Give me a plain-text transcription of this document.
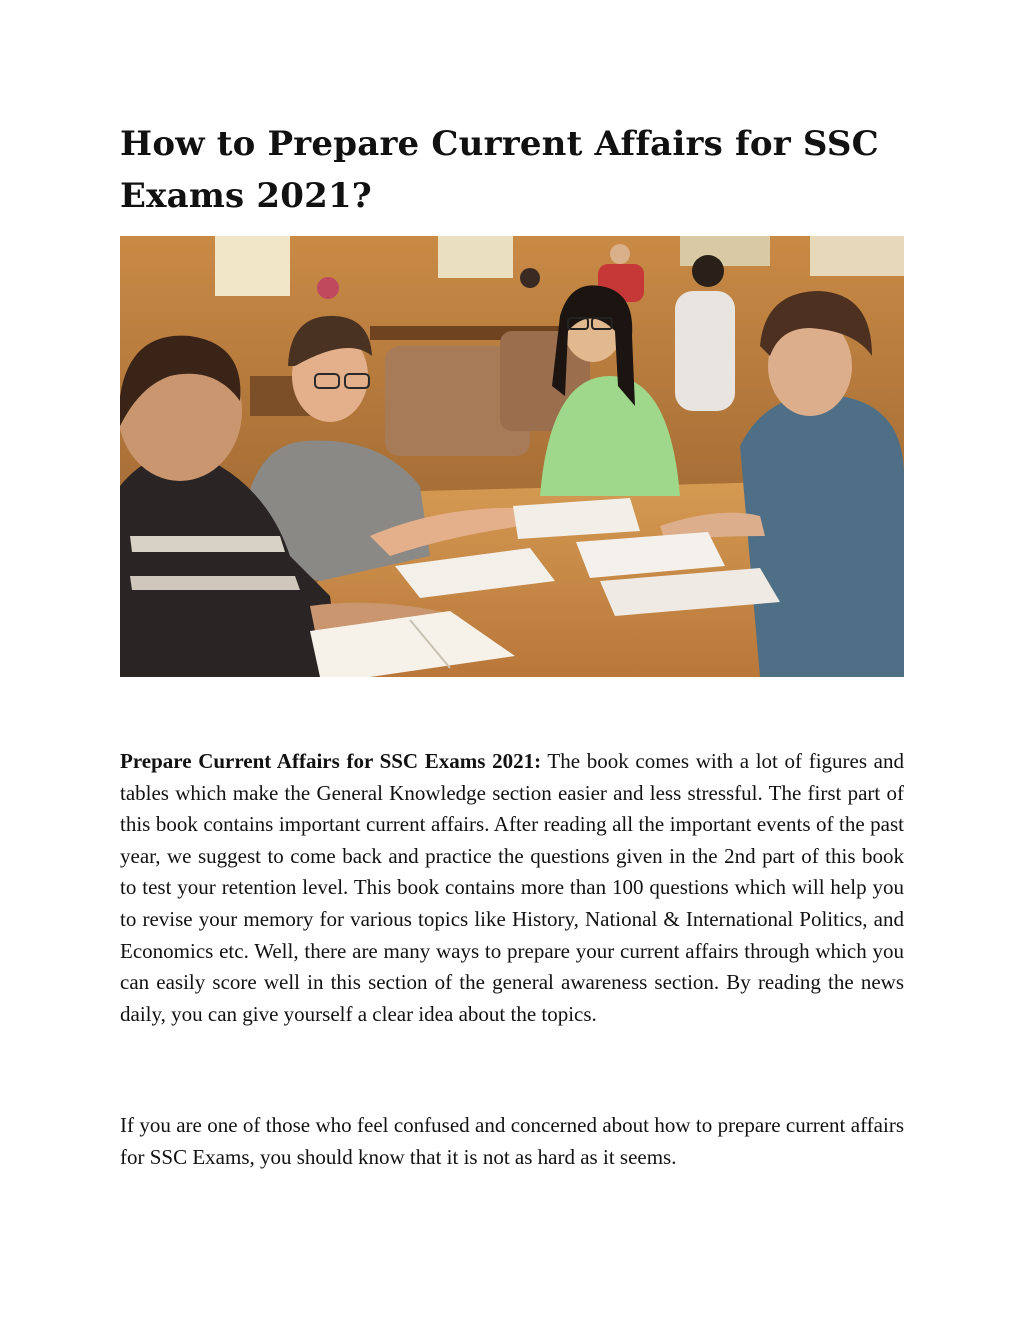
How to Prepare Current Affairs for SSC Exams 2021?

Prepare Current Affairs for SSC Exams 2021: The book comes with a lot of figures and tables which make the General Knowledge section easier and less stressful. The first part of this book contains important current affairs. After reading all the important events of the past year, we suggest to come back and practice the questions given in the 2nd part of this book to test your retention level. This book contains more than 100 questions which will help you to revise your memory for various topics like History, National & International Politics, and Economics etc. Well, there are many ways to prepare your current affairs through which you can easily score well in this section of the general awareness section. By reading the news daily, you can give yourself a clear idea about the topics.

If you are one of those who feel confused and concerned about how to prepare current affairs for SSC Exams, you should know that it is not as hard as it seems.
